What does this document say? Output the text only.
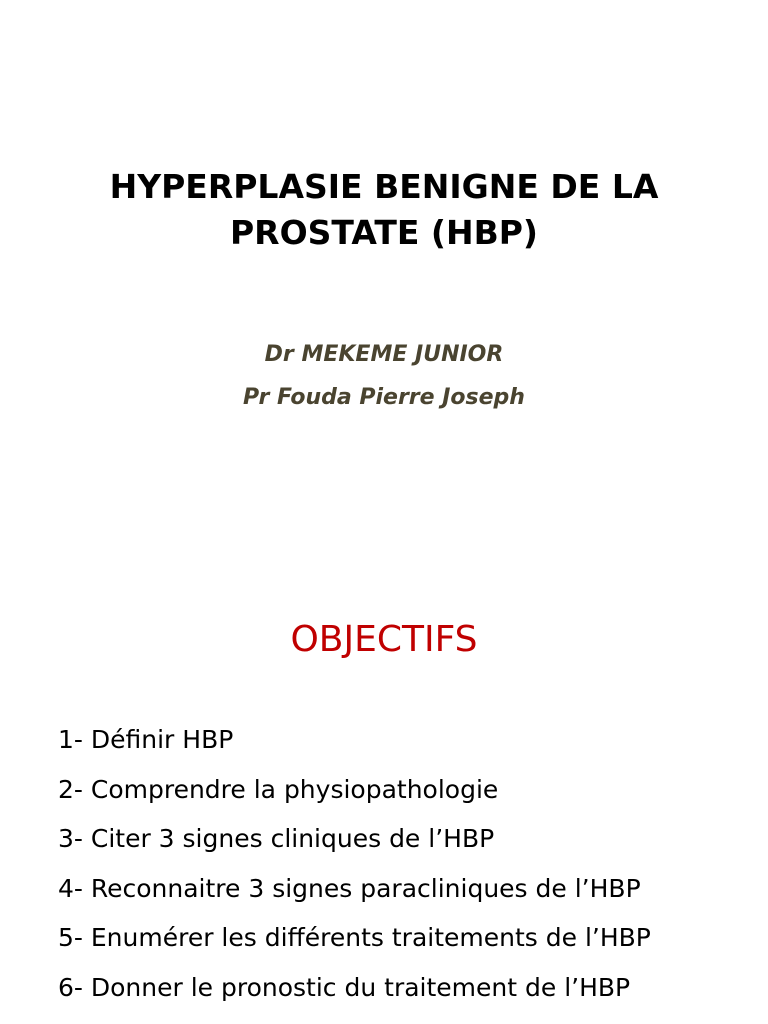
HYPERPLASIE BENIGNE DE LA
PROSTATE (HBP)
Dr MEKEME JUNIOR
Pr Fouda Pierre Joseph
OBJECTIFS
1- Définir HBP
2- Comprendre la physiopathologie
3- Citer 3 signes cliniques de l’HBP
4- Reconnaitre 3 signes paracliniques de l’HBP
5- Enumérer les différents traitements de l’HBP
6- Donner le pronostic du traitement de l’HBP
